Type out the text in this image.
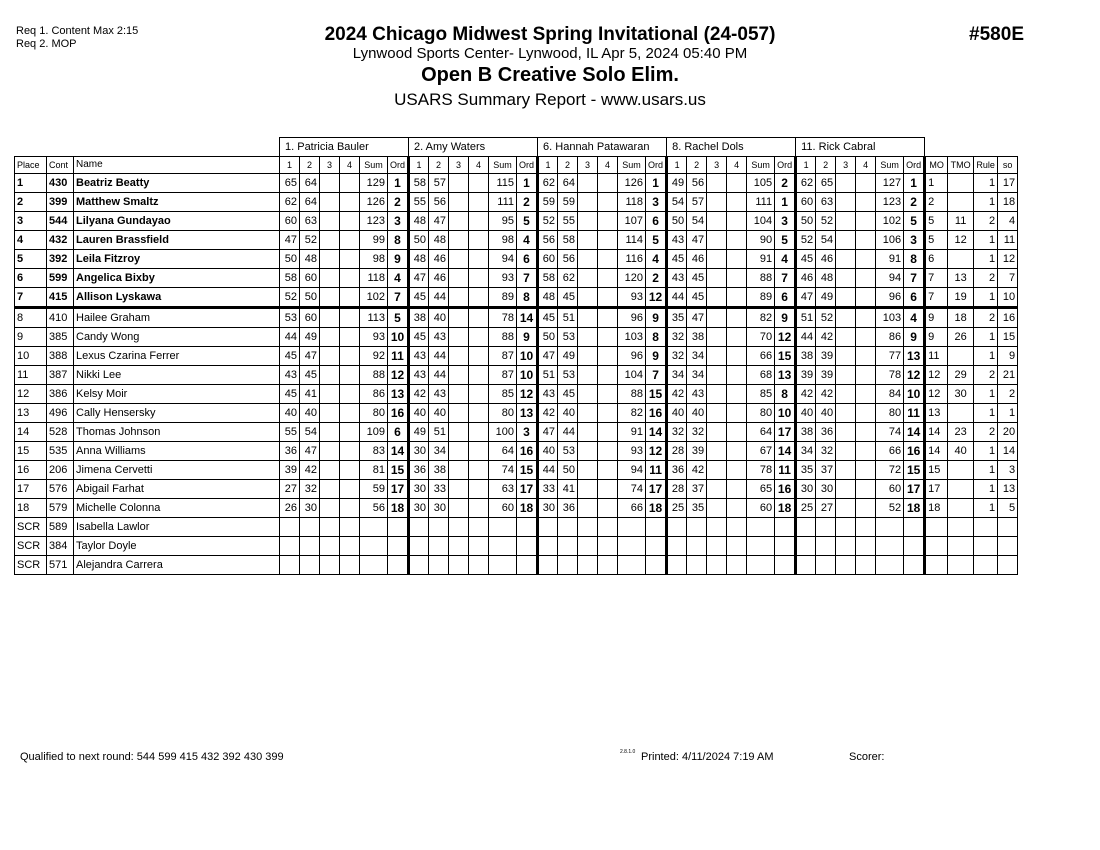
Req 1. Content Max 2:15
Req 2. MOP	2024 Chicago Midwest Spring Invitational (24-057)
Lynwood Sports Center- Lynwood, IL Apr 5, 2024 05:40 PM
Open B Creative Solo Elim.
USARS Summary Report - www.usars.us
#580E
			1. Patricia Bauler						2. Amy Waters						6. Hannah Patawaran						8. Rachel Dols						11. Rick Cabral									
Place	Cont	Name	1	2	3	4	Sum	Ord	1	2	3	4	Sum	Ord	1	2	3	4	Sum	Ord	1	2	3	4	Sum	Ord	1	2	3	4	Sum	Ord	MO	TMO	Rule	so
1	430	Beatriz Beatty	65	64			129	1	58	57			115	1	62	64			126	1	49	56			105	2	62	65			127	1	1		1	17
2	399	Matthew Smaltz	62	64			126	2	55	56			111	2	59	59			118	3	54	57			111	1	60	63			123	2	2		1	18
3	544	Lilyana Gundayao	60	63			123	3	48	47			95	5	52	55			107	6	50	54			104	3	50	52			102	5	5	11	2	4
4	432	Lauren Brassfield	47	52			99	8	50	48			98	4	56	58			114	5	43	47			90	5	52	54			106	3	5	12	1	11
5	392	Leila Fitzroy	50	48			98	9	48	46			94	6	60	56			116	4	45	46			91	4	45	46			91	8	6		1	12
6	599	Angelica Bixby	58	60			118	4	47	46			93	7	58	62			120	2	43	45			88	7	46	48			94	7	7	13	2	7
7	415	Allison Lyskawa	52	50			102	7	45	44			89	8	48	45			93	12	44	45			89	6	47	49			96	6	7	19	1	10
8	410	Hailee Graham	53	60			113	5	38	40			78	14	45	51			96	9	35	47			82	9	51	52			103	4	9	18	2	16
9	385	Candy Wong	44	49			93	10	45	43			88	9	50	53			103	8	32	38			70	12	44	42			86	9	9	26	1	15
10	388	Lexus Czarina Ferrer	45	47			92	11	43	44			87	10	47	49			96	9	32	34			66	15	38	39			77	13	11		1	9
11	387	Nikki Lee	43	45			88	12	43	44			87	10	51	53			104	7	34	34			68	13	39	39			78	12	12	29	2	21
12	386	Kelsy Moir	45	41			86	13	42	43			85	12	43	45			88	15	42	43			85	8	42	42			84	10	12	30	1	2
13	496	Cally Hensersky	40	40			80	16	40	40			80	13	42	40			82	16	40	40			80	10	40	40			80	11	13		1	1
14	528	Thomas Johnson	55	54			109	6	49	51			100	3	47	44			91	14	32	32			64	17	38	36			74	14	14	23	2	20
15	535	Anna Williams	36	47			83	14	30	34			64	16	40	53			93	12	28	39			67	14	34	32			66	16	14	40	1	14
16	206	Jimena Cervetti	39	42			81	15	36	38			74	15	44	50			94	11	36	42			78	11	35	37			72	15	15		1	3
17	576	Abigail Farhat	27	32			59	17	30	33			63	17	33	41			74	17	28	37			65	16	30	30			60	17	17		1	13
18	579	Michelle Colonna	26	30			56	18	30	30			60	18	30	36			66	18	25	35			60	18	25	27			52	18	18		1	5
SCR	589	Isabella Lawlor																																		
SCR	384	Taylor Doyle																																		
SCR	571	Alejandra Carrera																																		
Qualified to next round: 544 599 415 432 392 430 399	2.8.1.0 Printed: 4/11/2024 7:19 AM	Scorer:
